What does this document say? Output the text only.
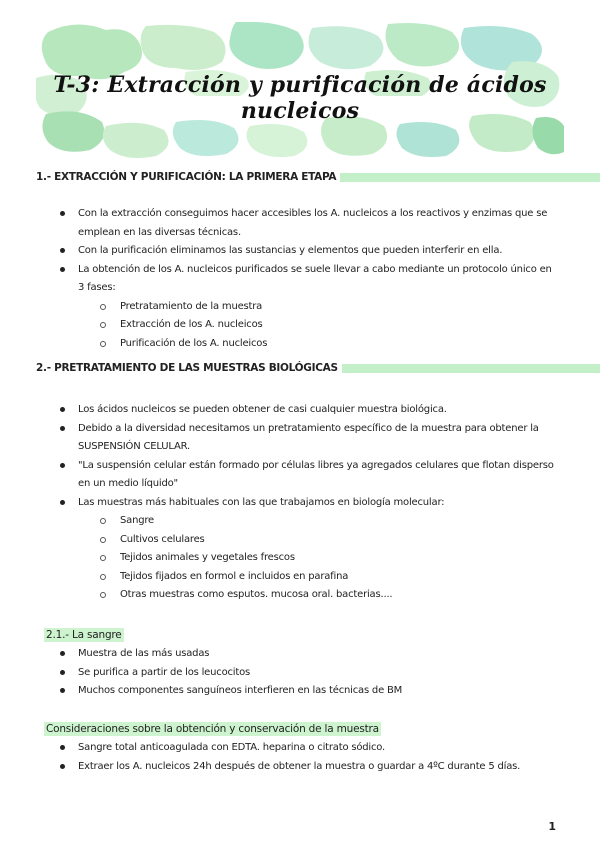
T-3: Extracción y purificación de ácidos nucleicos
1.- EXTRACCIÓN Y PURIFICACIÓN: LA PRIMERA ETAPA
Con la extracción conseguimos hacer accesibles los A. nucleicos a los reactivos y enzimas que se emplean en las diversas técnicas.
Con la purificación eliminamos las sustancias y elementos que pueden interferir en ella.
La obtención de los A. nucleicos purificados se suele llevar a cabo mediante un protocolo único en 3 fases:
Pretratamiento de la muestra
Extracción de los A. nucleicos
Purificación de los A. nucleicos
2.- PRETRATAMIENTO DE LAS MUESTRAS BIOLÓGICAS
Los ácidos nucleicos se pueden obtener de casi cualquier muestra biológica.
Debido a la diversidad necesitamos un pretratamiento específico de la muestra para obtener la SUSPENSIÓN CELULAR.
"La suspensión celular están formado por células libres ya agregados celulares que flotan disperso en un medio líquido"
Las muestras más habituales con las que trabajamos en biología molecular:
Sangre
Cultivos celulares
Tejidos animales y vegetales frescos
Tejidos fijados en formol e incluidos en parafina
Otras muestras como esputos. mucosa oral. bacterias....
2.1.- La sangre
Muestra de las más usadas
Se purifica a partir de los leucocitos
Muchos componentes sanguíneos interfieren en las técnicas de BM
Consideraciones sobre la obtención y conservación de la muestra
Sangre total anticoagulada con EDTA. heparina o citrato sódico.
Extraer los A. nucleicos 24h después de obtener la muestra o guardar a 4ºC durante 5 días.
1
